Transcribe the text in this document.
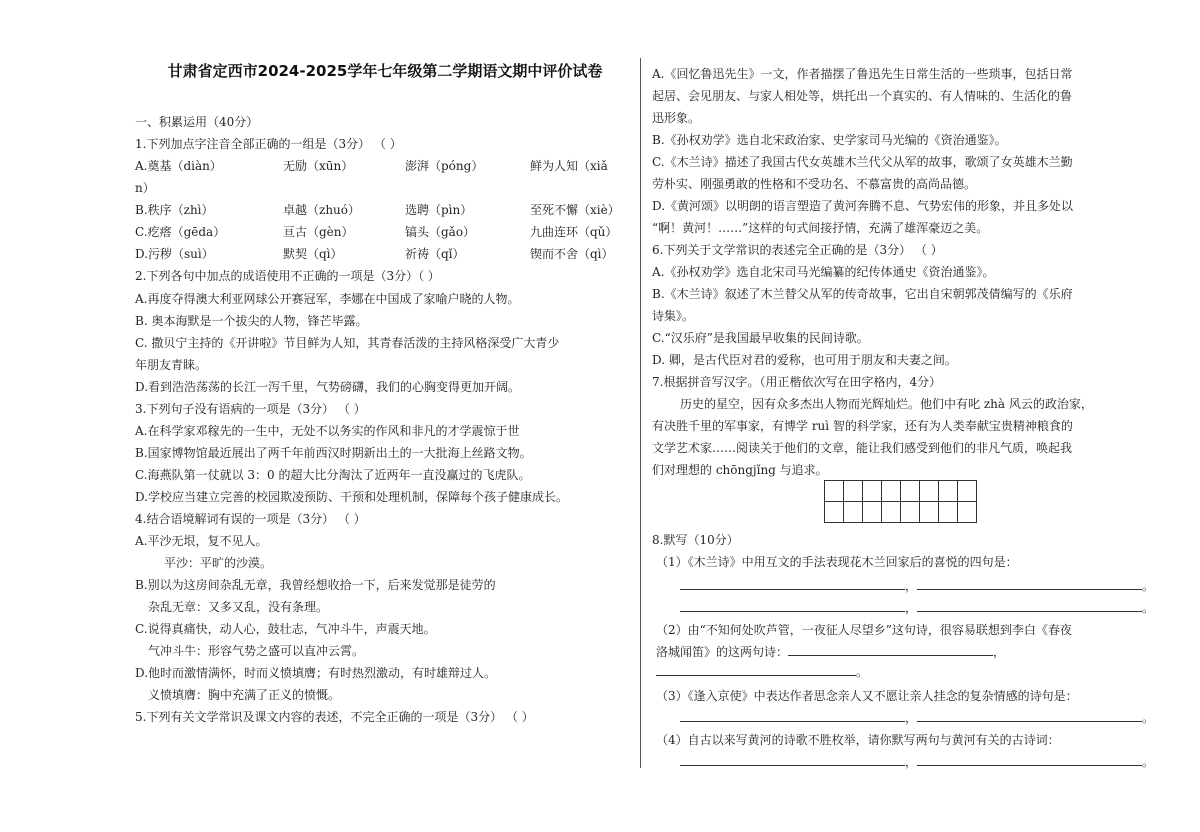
甘肃省定西市2024-2025学年七年级第二学期语文期中评价试卷
一、积累运用（40分）
1.下列加点字注音全部正确的一组是（3分） （ ）
A.奠基（diàn）	无励（xūn）	澎湃（póng）	鲜为人知（xiǎ
n）
B.秩序（zhì）	卓越（zhuó）	选聘（pìn）	至死不懈（xiè）
C.疙瘩（gēda）	亘古（gèn）	镐头（gǎo）	九曲连环（qǔ）
D.污秽（suì）	默契（qì）	祈祷（qǐ）	锲而不舍（qì）
2.下列各句中加点的成语使用不正确的一项是（3分）（ ）
A.再度夺得澳大利亚网球公开赛冠军，李娜在中国成了家喻户晓的人物。
B. 奥本海默是一个拔尖的人物，锋芒毕露。
C. 撒贝宁主持的《开讲啦》节目鲜为人知，其青春活泼的主持风格深受广大青少
年朋友青睐。
D.看到浩浩荡荡的长江一泻千里，气势磅礴，我们的心胸变得更加开阔。
3.下列句子没有语病的一项是（3分） （ ）
A.在科学家邓稼先的一生中，无处不以务实的作风和非凡的才学震惊于世
B.国家博物馆最近展出了两千年前西汉时期新出土的一大批海上丝路文物。
C.海燕队第一仗就以 3：0 的超大比分淘汰了近两年一直没赢过的飞虎队。
D.学校应当建立完善的校园欺凌预防、干预和处理机制，保障每个孩子健康成长。
4.结合语境解词有误的一项是（3分） （ ）
A.平沙无垠，复不见人。
平沙：平旷的沙漠。
B.别以为这房间杂乱无章，我曾经想收拾一下，后来发觉那是徒劳的
杂乱无章：又多又乱，没有条理。
C.说得真痛快，动人心，鼓壮志，气冲斗牛，声震天地。
气冲斗牛：形容气势之盛可以直冲云霄。
D.他时而激情满怀，时而义愤填膺；有时热烈激动，有时雄辩过人。
义愤填膺：胸中充满了正义的愤慨。
5.下列有关文学常识及课文内容的表述，不完全正确的一项是（3分） （ ）
A.《回忆鲁迅先生》一文，作者描摆了鲁迅先生日常生活的一些琐事，包括日常
起居、会见朋友、与家人相处等，烘托出一个真实的、有人情味的、生活化的鲁
迅形象。
B.《孙权劝学》选自北宋政治家、史学家司马光编的《资治通鉴》。
C.《木兰诗》描述了我国古代女英雄木兰代父从军的故事，歌颂了女英雄木兰勤
劳朴实、刚强勇敢的性格和不受功名、不慕富贵的高尚品德。
D.《黄河颂》以明朗的语言塑造了黄河奔腾不息、气势宏伟的形象，并且多处以
“啊！黄河！……”这样的句式间接抒情，充满了雄浑豪迈之美。
6.下列关于文学常识的表述完全正确的是（3分） （ ）
A.《孙权劝学》选自北宋司马光编纂的纪传体通史《资治通鉴》。
B.《木兰诗》叙述了木兰替父从军的传奇故事，它出自宋朝郭茂倩编写的《乐府
诗集》。
C.“汉乐府”是我国最早收集的民间诗歌。
D. 卿，是古代臣对君的爱称，也可用于朋友和夫妻之间。
7.根据拼音写汉字。（用正楷依次写在田字格内，4分）
历史的星空，因有众多杰出人物而光辉灿烂。他们中有叱 zhà 风云的政治家，
有决胜千里的军事家，有博学 ruì 智的科学家，还有为人类奉献宝贵精神粮食的
文学艺术家……阅读关于他们的文章，能让我们感受到他们的非凡气质，唤起我
们对理想的 chōngjǐng 与追求。
8.默写（10分）
（1）《木兰诗》中用互文的手法表现花木兰回家后的喜悦的四句是：
，	。
，	。
（2）由“不知何处吹芦管，一夜征人尽望乡”这句诗，很容易联想到李白《春夜
洛城闻笛》的这两句诗：	，
。
（3）《逢入京使》中表达作者思念亲人又不愿让亲人挂念的复杂情感的诗句是：
，	。
（4）自古以来写黄河的诗歌不胜枚举，请你默写两句与黄河有关的古诗词：
，	。
